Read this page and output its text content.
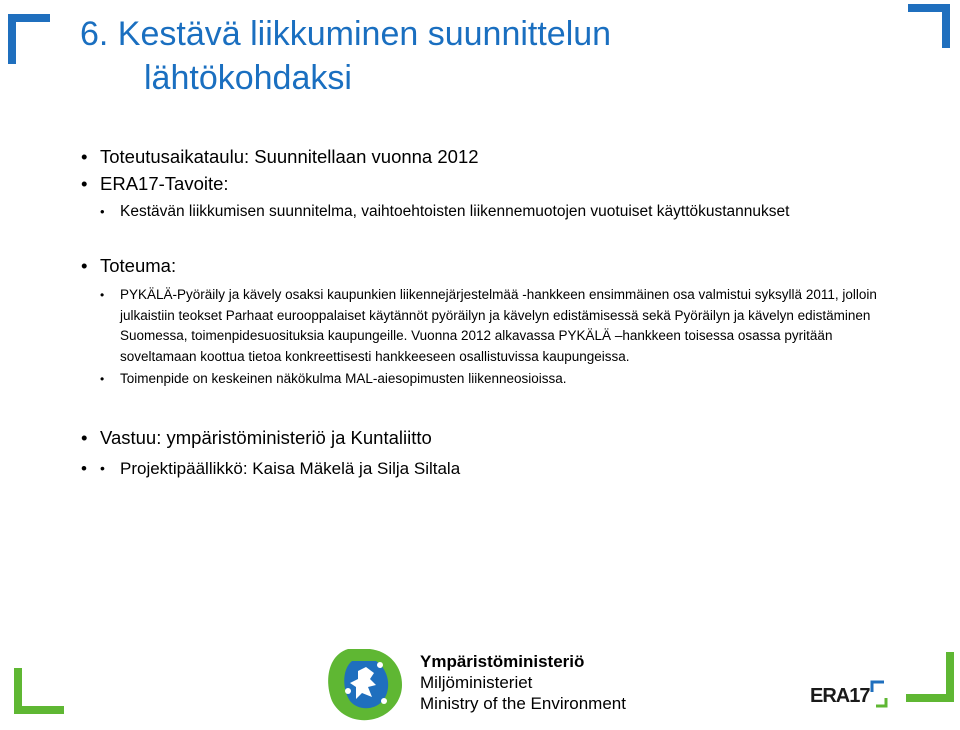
6. Kestävä liikkuminen suunnittelun
lähtökohdaksi
• Toteutusaikataulu: Suunnitellaan vuonna 2012
• ERA17-Tavoite:
• Kestävän liikkumisen suunnitelma, vaihtoehtoisten liikennemuotojen vuotuiset käyttökustannukset
• Toteuma:
• PYKÄLÄ-Pyöräily ja kävely osaksi kaupunkien liikennejärjestelmää -hankkeen ensimmäinen osa valmistui syksyllä 2011, jolloin julkaistiin teokset Parhaat eurooppalaiset käytännöt pyöräilyn ja kävelyn edistämisessä sekä Pyöräilyn ja kävelyn edistäminen Suomessa, toimenpidesuosituksia kaupungeille. Vuonna 2012 alkavassa PYKÄLÄ –hankkeen toisessa osassa pyritään soveltamaan koottua tietoa konkreettisesti hankkeeseen osallistuvissa kaupungeissa.
• Toimenpide on keskeinen näkökulma MAL-aiesopimusten liikenneosioissa.
• Vastuu: ympäristöministeriö ja Kuntaliitto
• • Projektipäällikkö: Kaisa Mäkelä ja Silja Siltala
Ympäristöministeriö
Miljöministeriet
Ministry of the Environment	ERA17
